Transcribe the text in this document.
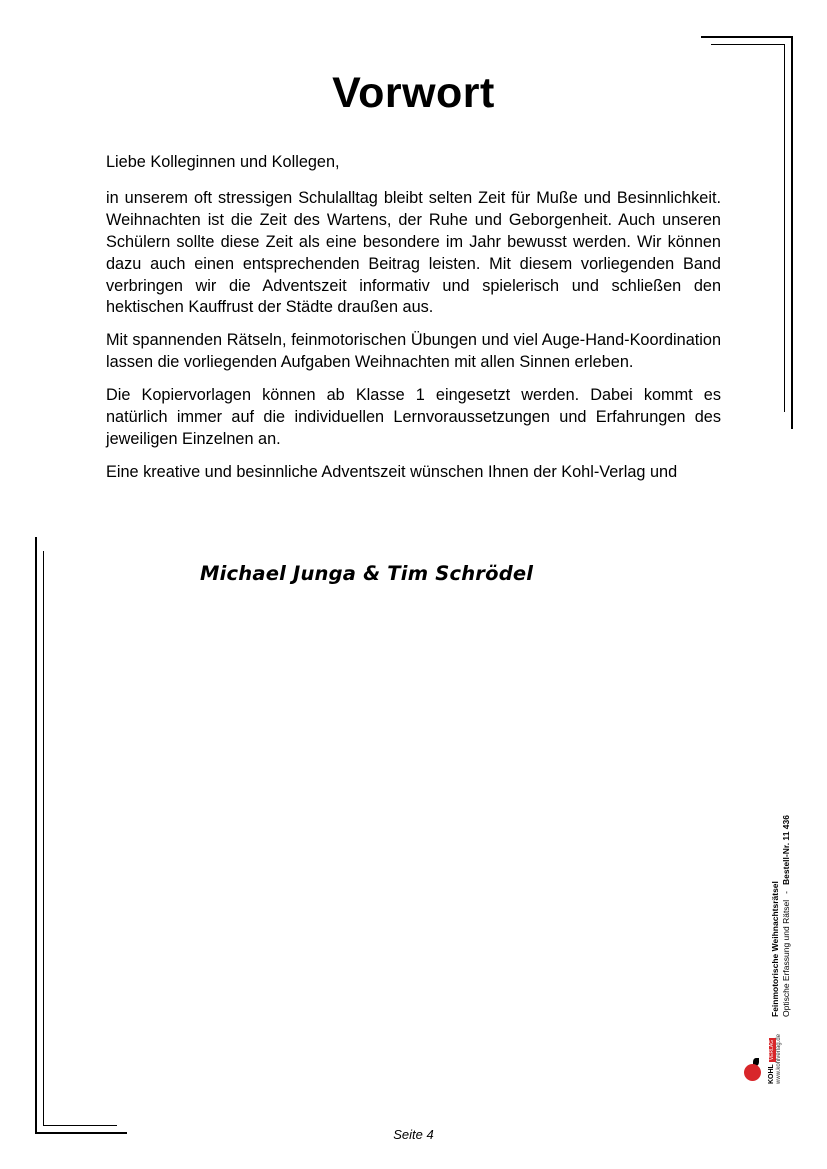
Vorwort

Liebe Kolleginnen und Kollegen,

in unserem oft stressigen Schulalltag bleibt selten Zeit für Muße und Besinnlichkeit. Weihnachten ist die Zeit des Wartens, der Ruhe und Geborgenheit. Auch unseren Schülern sollte diese Zeit als eine besondere im Jahr bewusst werden. Wir können dazu auch einen entsprechenden Beitrag leisten. Mit diesem vorliegenden Band verbringen wir die Adventszeit informativ und spielerisch und schließen den hektischen Kauffrust der Städte draußen aus.

Mit spannenden Rätseln, feinmotorischen Übungen und viel Auge-Hand-Koordination lassen die vorliegenden Aufgaben Weihnachten mit allen Sinnen erleben.

Die Kopiervorlagen können ab Klasse 1 eingesetzt werden. Dabei kommt es natürlich immer auf die individuellen Lernvoraussetzungen und Erfahrungen des jeweiligen Einzelnen an.

Eine kreative und besinnliche Adventszeit wünschen Ihnen der Kohl-Verlag und

Michael Junga & Tim Schrödel
Feinmotorische Weihnachtsrätsel Optische Erfassung und Rätsel-Bestell-Nr. 11 436
KOHLVERLAG www.kohlverlag.de
Seite 4
